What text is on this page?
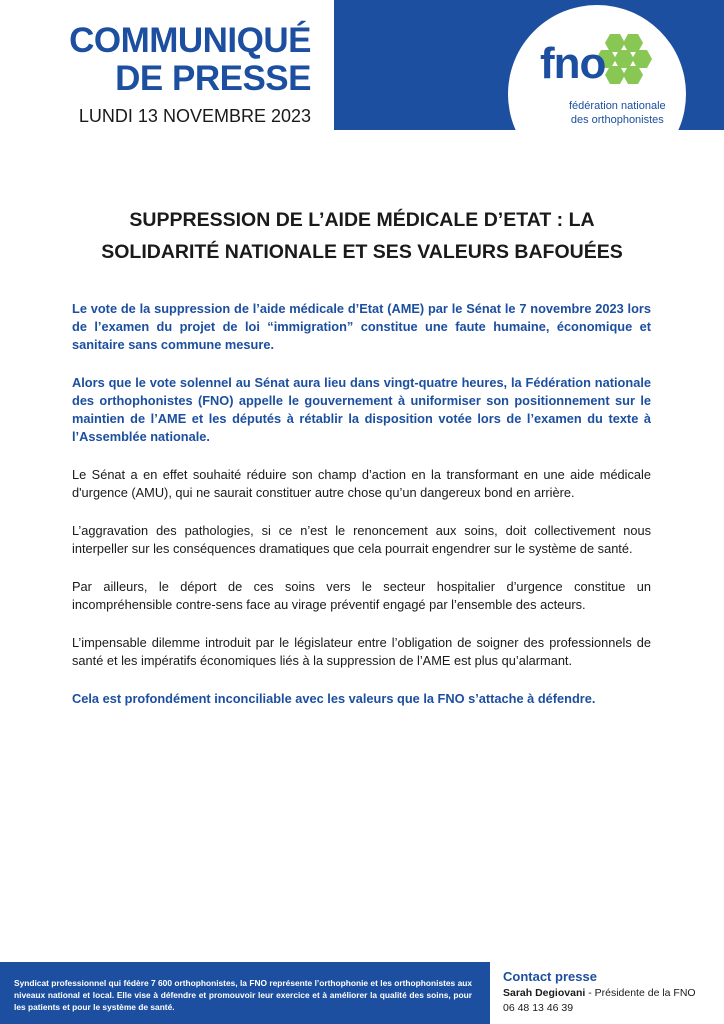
fno
fédération nationale
des orthophonistes
COMMUNIQUÉ
DE PRESSE
LUNDI 13 NOVEMBRE 2023
SUPPRESSION DE L’AIDE MÉDICALE D’ETAT : LA
SOLIDARITÉ NATIONALE ET SES VALEURS BAFOUÉES

Le vote de la suppression de l’aide médicale d’Etat (AME) par le Sénat le 7 novembre 2023 lors de l’examen du projet de loi “immigration” constitue une faute humaine, économique et sanitaire sans commune mesure.

Alors que le vote solennel au Sénat aura lieu dans vingt-quatre heures, la Fédération nationale des orthophonistes (FNO) appelle le gouvernement à uniformiser son positionnement sur le maintien de l’AME et les députés à rétablir la disposition votée lors de l’examen du texte à l’Assemblée nationale.

Le Sénat a en effet souhaité réduire son champ d’action en la transformant en une aide médicale d'urgence (AMU), qui ne saurait constituer autre chose qu’un dangereux bond en arrière.

L’aggravation des pathologies, si ce n’est le renoncement aux soins, doit collectivement nous interpeller sur les conséquences dramatiques que cela pourrait engendrer sur le système de santé.

Par ailleurs, le déport de ces soins vers le secteur hospitalier d’urgence constitue un incompréhensible contre-sens face au virage préventif engagé par l’ensemble des acteurs.

L’impensable dilemme introduit par le législateur entre l’obligation de soigner des professionnels de santé et les impératifs économiques liés à la suppression de l’AME est plus qu’alarmant.

Cela est profondément inconciliable avec les valeurs que la FNO s’attache à défendre.

Syndicat professionnel qui fédère 7 600 orthophonistes, la FNO représente l’orthophonie et les orthophonistes aux niveaux national et local. Elle vise à défendre et promouvoir leur exercice et à améliorer la qualité des soins, pour les patients et pour le système de santé.
Contact presse
Sarah Degiovani - Présidente de la FNO
06 48 13 46 39
